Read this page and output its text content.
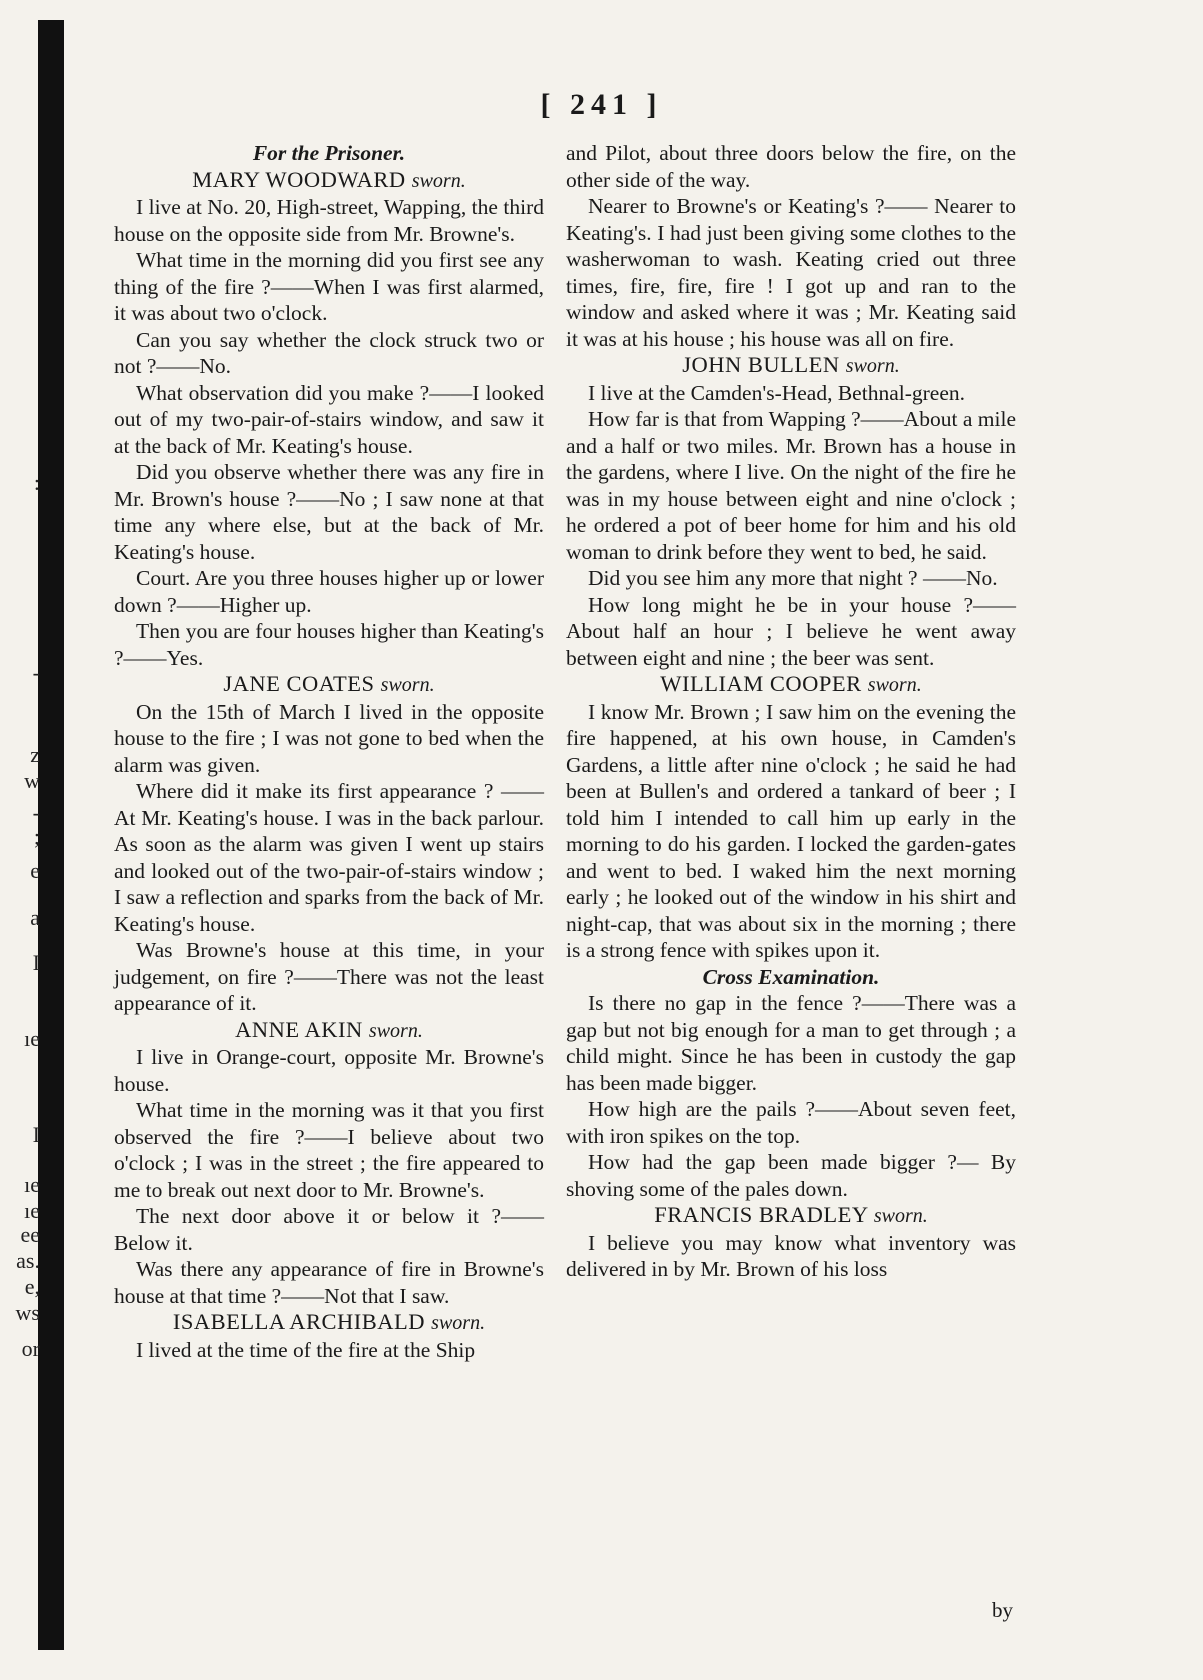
:
-
z
w
-
;
e
a
I
ıe
I
ıe
ıe
ee
as.
e,
ws
or
[ 241 ]

For the Prisoner.

MARY WOODWARD sworn.

I live at No. 20, High-street, Wapping, the third house on the opposite side from Mr. Browne's.

What time in the morning did you first see any thing of the fire ?——When I was first alarmed, it was about two o'clock.

Can you say whether the clock struck two or not ?——No.

What observation did you make ?——I looked out of my two-pair-of-stairs window, and saw it at the back of Mr. Keating's house.

Did you observe whether there was any fire in Mr. Brown's house ?——No ; I saw none at that time any where else, but at the back of Mr. Keating's house.

Court. Are you three houses higher up or lower down ?——Higher up.

Then you are four houses higher than Keating's ?——Yes.

JANE COATES sworn.

On the 15th of March I lived in the opposite house to the fire ; I was not gone to bed when the alarm was given.

Where did it make its first appearance ? —— At Mr. Keating's house. I was in the back parlour. As soon as the alarm was given I went up stairs and looked out of the two-pair-of-stairs window ; I saw a reflection and sparks from the back of Mr. Keating's house.

Was Browne's house at this time, in your judgement, on fire ?——There was not the least appearance of it.

ANNE AKIN sworn.

I live in Orange-court, opposite Mr. Browne's house.

What time in the morning was it that you first observed the fire ?——I believe about two o'clock ; I was in the street ; the fire appeared to me to break out next door to Mr. Browne's.

The next door above it or below it ?—— Below it.

Was there any appearance of fire in Browne's house at that time ?——Not that I saw.

ISABELLA ARCHIBALD sworn.

I lived at the time of the fire at the Ship

and Pilot, about three doors below the fire, on the other side of the way.

Nearer to Browne's or Keating's ?—— Nearer to Keating's. I had just been giving some clothes to the washerwoman to wash. Keating cried out three times, fire, fire, fire ! I got up and ran to the window and asked where it was ; Mr. Keating said it was at his house ; his house was all on fire.

JOHN BULLEN sworn.

I live at the Camden's-Head, Bethnal-green.

How far is that from Wapping ?——About a mile and a half or two miles. Mr. Brown has a house in the gardens, where I live. On the night of the fire he was in my house between eight and nine o'clock ; he ordered a pot of beer home for him and his old woman to drink before they went to bed, he said.

Did you see him any more that night ? ——No.

How long might he be in your house ?—— About half an hour ; I believe he went away between eight and nine ; the beer was sent.

WILLIAM COOPER sworn.

I know Mr. Brown ; I saw him on the evening the fire happened, at his own house, in Camden's Gardens, a little after nine o'clock ; he said he had been at Bullen's and ordered a tankard of beer ; I told him I intended to call him up early in the morning to do his garden. I locked the garden-gates and went to bed. I waked him the next morning early ; he looked out of the window in his shirt and night-cap, that was about six in the morning ; there is a strong fence with spikes upon it.

Cross Examination.

Is there no gap in the fence ?——There was a gap but not big enough for a man to get through ; a child might. Since he has been in custody the gap has been made bigger.

How high are the pails ?——About seven feet, with iron spikes on the top.

How had the gap been made bigger ?— By shoving some of the pales down.

FRANCIS BRADLEY sworn.

I believe you may know what inventory was delivered in by Mr. Brown of his loss

by
